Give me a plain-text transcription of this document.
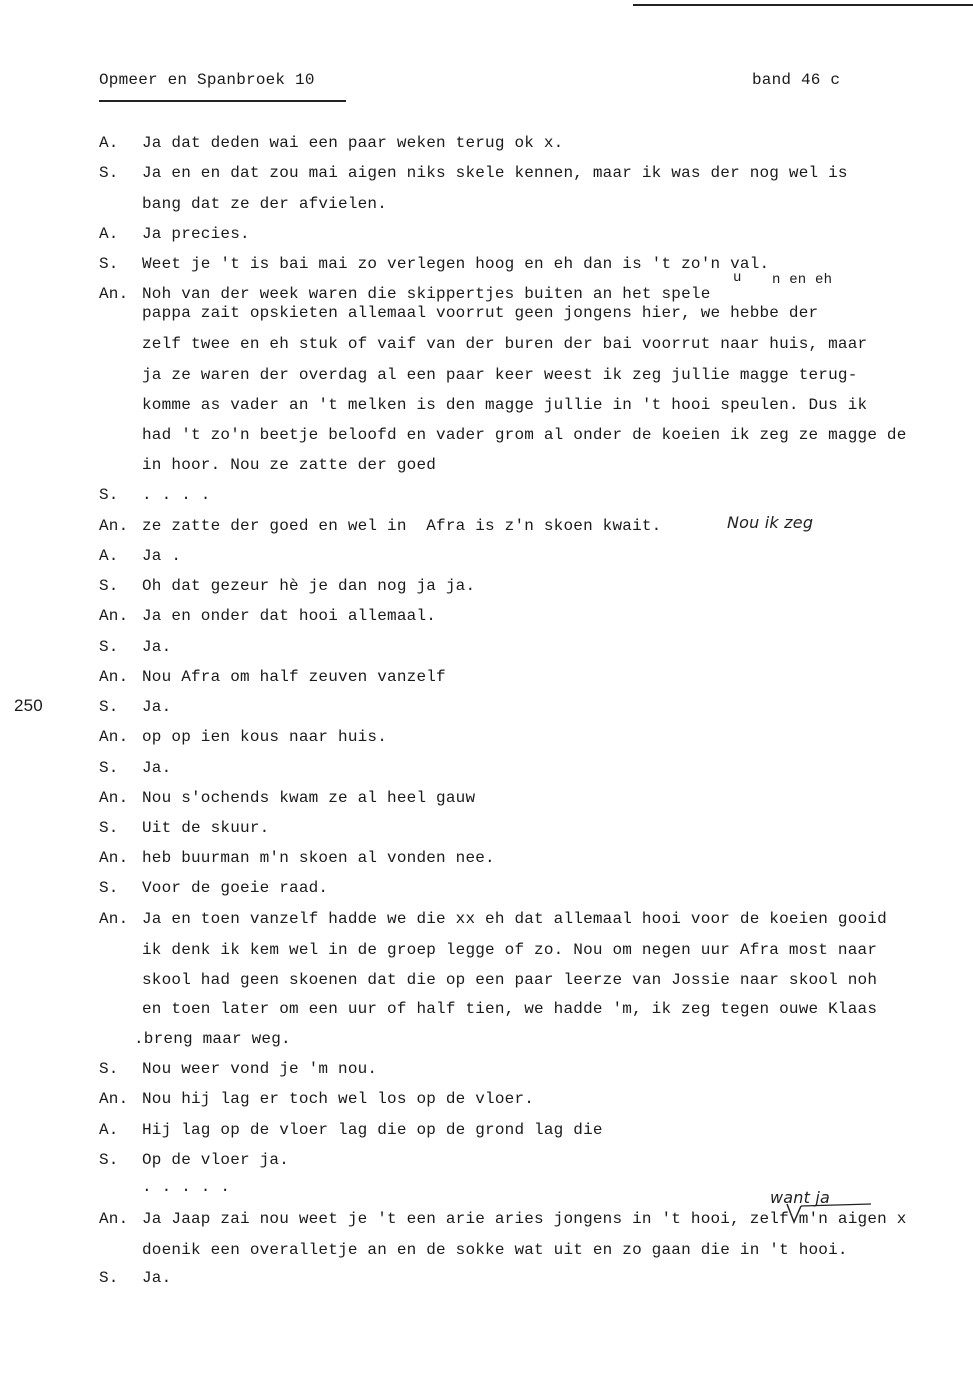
Opmeer en Spanbroek 10	band 46 c
250
A. Ja dat deden wai een paar weken terug ok x.
S. Ja en en dat zou mai aigen niks skele kennen, maar ik was der nog wel is
bang dat ze der afvielen.
A. Ja precies.
S. Weet je 't is bai mai zo verlegen hoog en eh dan is 't zo'n val.
An. Noh van der week waren die skippertjes buiten an het spele
u n en eh
pappa zait opskieten allemaal voorrut geen jongens hier, we hebbe der
zelf twee en eh stuk of vaif van der buren der bai voorrut naar huis, maar
ja ze waren der overdag al een paar keer weest ik zeg jullie magge terug-
komme as vader an 't melken is den magge jullie in 't hooi speulen. Dus ik
had 't zo'n beetje beloofd en vader grom al onder de koeien ik zeg ze magge de
in hoor. Nou ze zatte der goed
S. . . . .
An. ze zatte der goed en wel in  Afra is z'n skoen kwait.	Nou ik zeg
A. Ja .
S. Oh dat gezeur hè je dan nog ja ja.
An. Ja en onder dat hooi allemaal.
S. Ja.
An. Nou Afra om half zeuven vanzelf
S. Ja.
An. op op ien kous naar huis.
S. Ja.
An. Nou s'ochends kwam ze al heel gauw
S. Uit de skuur.
An. heb buurman m'n skoen al vonden nee.
S. Voor de goeie raad.
An. Ja en toen vanzelf hadde we die xx eh dat allemaal hooi voor de koeien gooid
ik denk ik kem wel in de groep legge of zo. Nou om negen uur Afra most naar
skool had geen skoenen dat die op een paar leerze van Jossie naar skool noh
en toen later om een uur of half tien, we hadde 'm, ik zeg tegen ouwe Klaas
.breng maar weg.
S. Nou weer vond je 'm nou.
An. Nou hij lag er toch wel los op de vloer.
A. Hij lag op de vloer lag die op de grond lag die
S. Op de vloer ja.
. . . . .
want ja
An. Ja Jaap zai nou weet je 't een arie aries jongens in 't hooi, zelf m'n aigen x
doenik een overalletje an en de sokke wat uit en zo gaan die in 't hooi.
S. Ja.
